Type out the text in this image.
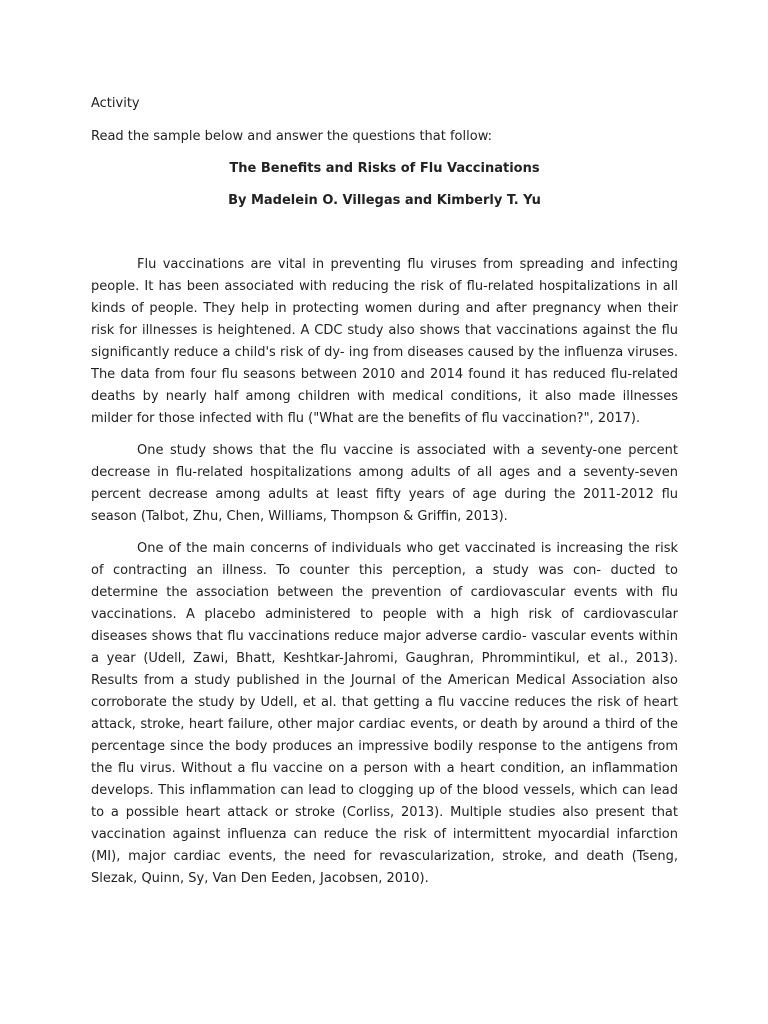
Activity
Read the sample below and answer the questions that follow:
The Benefits and Risks of Flu Vaccinations
By Madelein O. Villegas and Kimberly T. Yu

Flu vaccinations are vital in preventing flu viruses from spreading and infecting people. It has been associated with reducing the risk of flu-related hospitalizations in all kinds of people. They help in protecting women during and after pregnancy when their risk for illnesses is heightened. A CDC study also shows that vaccinations against the flu significantly reduce a child's risk of dy- ing from diseases caused by the influenza viruses. The data from four flu seasons between 2010 and 2014 found it has reduced flu-related deaths by nearly half among children with medical conditions, it also made illnesses milder for those infected with flu ("What are the benefits of flu vaccination?", 2017).

One study shows that the flu vaccine is associated with a seventy-one percent decrease in flu-related hospitalizations among adults of all ages and a seventy-seven percent decrease among adults at least fifty years of age during the 2011-2012 flu season (Talbot, Zhu, Chen, Williams, Thompson & Griffin, 2013).

One of the main concerns of individuals who get vaccinated is increasing the risk of contracting an illness. To counter this perception, a study was con- ducted to determine the association between the prevention of cardiovascular events with flu vaccinations. A placebo administered to people with a high risk of cardiovascular diseases shows that flu vaccinations reduce major adverse cardio- vascular events within a year (Udell, Zawi, Bhatt, Keshtkar-Jahromi, Gaughran, Phrommintikul, et al., 2013). Results from a study published in the Journal of the American Medical Association also corroborate the study by Udell, et al. that getting a flu vaccine reduces the risk of heart attack, stroke, heart failure, other major cardiac events, or death by around a third of the percentage since the body produces an impressive bodily response to the antigens from the flu virus. Without a flu vaccine on a person with a heart condition, an inflammation develops. This inflammation can lead to clogging up of the blood vessels, which can lead to a possible heart attack or stroke (Corliss, 2013). Multiple studies also present that vaccination against influenza can reduce the risk of intermittent myocardial infarction (MI), major cardiac events, the need for revascularization, stroke, and death (Tseng, Slezak, Quinn, Sy, Van Den Eeden, Jacobsen, 2010).
